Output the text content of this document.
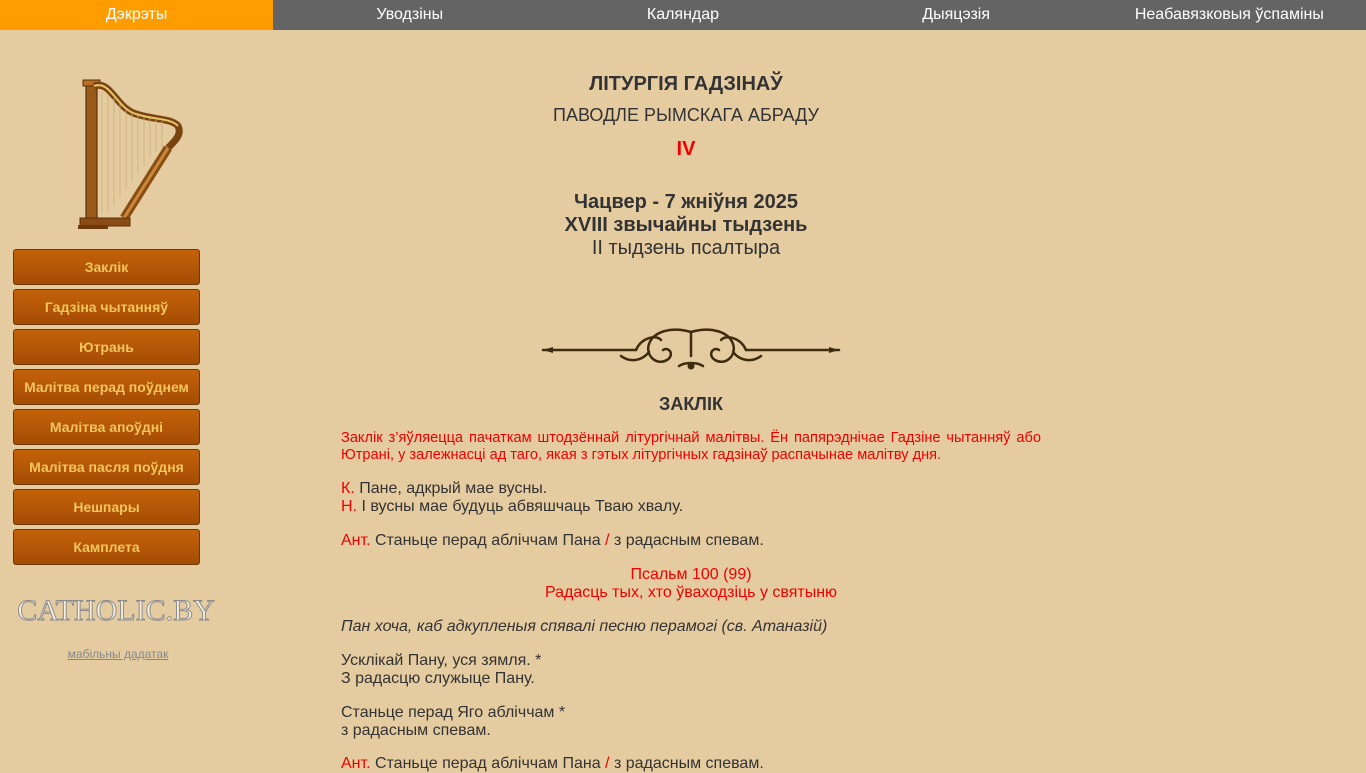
Дэкрэты	Уводзіны	Каляндар	Дыяцэзія	Неабавязковыя ўспаміны
Заклік
Гадзіна чытанняў
Ютрань
Малітва перад поўднем
Малітва апоўдні
Малітва пасля поўдня
Нешпары
Камплета
CATHOLIC.BY
мабільны дадатак
ЛІТУРГІЯ ГАДЗІНАЎ
ПАВОДЛЕ РЫМСКАГА АБРАДУ
IV
Чацвер - 7 жніўня 2025
XVIII звычайны тыдзень
II тыдзень псалтыра
ЗАКЛІК
Заклік з’яўляецца пачаткам штодзённай літургічнай малітвы. Ён папярэднічае Гадзіне чытанняў або Ютрані, у залежнасці ад таго, якая з гэтых літургічных гадзінаў распачынае малітву дня.
К. Пане, адкрый мае вусны.
Н. І вусны мае будуць абвяшчаць Тваю хвалу.
Ант. Станьце перад абліччам Пана / з радасным спевам.
Псальм 100 (99)
Радасць тых, хто ўваходзіць у святыню
Пан хоча, каб адкупленыя спявалі песню перамогі (св. Атаназій)
Усклікай Пану, уся зямля. *
З радасцю служыце Пану.
Станьце перад Яго абліччам *
з радасным спевам.
Ант. Станьце перад абліччам Пана / з радасным спевам.
